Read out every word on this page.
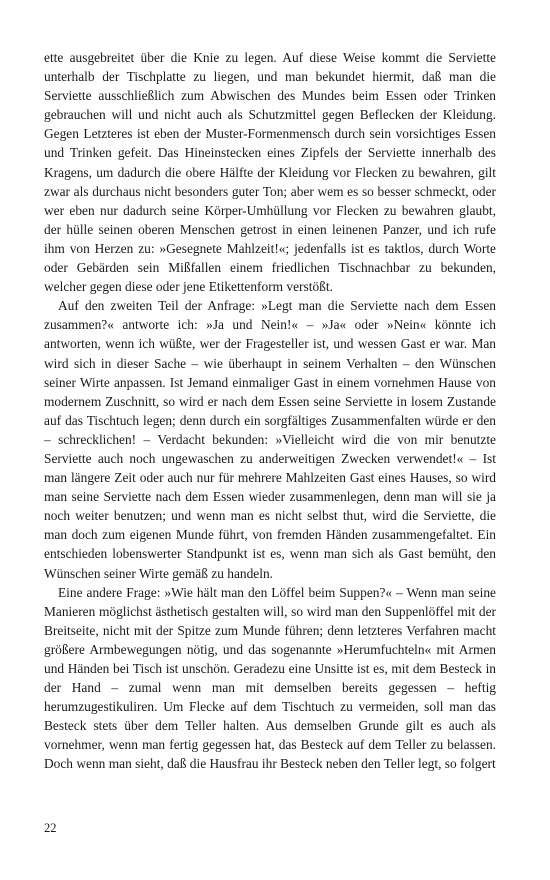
ette ausgebreitet über die Knie zu legen. Auf diese Weise kommt die Serviette unterhalb der Tischplatte zu liegen, und man bekundet hiermit, daß man die Serviette ausschließlich zum Abwischen des Mundes beim Essen oder Trinken gebrauchen will und nicht auch als Schutzmittel gegen Beflecken der Kleidung. Gegen Letzteres ist eben der Muster-Formenmensch durch sein vorsichtiges Essen und Trinken gefeit. Das Hineinstecken eines Zipfels der Serviette innerhalb des Kragens, um dadurch die obere Hälfte der Kleidung vor Flecken zu bewahren, gilt zwar als durchaus nicht besonders guter Ton; aber wem es so besser schmeckt, oder wer eben nur dadurch seine Körper-Umhüllung vor Flecken zu bewahren glaubt, der hülle seinen oberen Menschen getrost in einen leinenen Panzer, und ich rufe ihm von Herzen zu: »Gesegnete Mahlzeit!«; jedenfalls ist es taktlos, durch Worte oder Gebärden sein Mißfallen einem friedlichen Tischnachbar zu bekunden, welcher gegen diese oder jene Etikettenform verstößt.

Auf den zweiten Teil der Anfrage: »Legt man die Serviette nach dem Essen zusammen?« antworte ich: »Ja und Nein!« – »Ja« oder »Nein« könnte ich antworten, wenn ich wüßte, wer der Fragesteller ist, und wessen Gast er war. Man wird sich in dieser Sache – wie überhaupt in seinem Verhalten – den Wünschen seiner Wirte anpassen. Ist Jemand einmaliger Gast in einem vornehmen Hause von modernem Zuschnitt, so wird er nach dem Essen seine Serviette in losem Zustande auf das Tischtuch legen; denn durch ein sorgfältiges Zusammenfalten würde er den – schrecklichen! – Verdacht bekunden: »Vielleicht wird die von mir benutzte Serviette auch noch ungewaschen zu anderweitigen Zwecken verwendet!« – Ist man längere Zeit oder auch nur für mehrere Mahlzeiten Gast eines Hauses, so wird man seine Serviette nach dem Essen wieder zusammenlegen, denn man will sie ja noch weiter benutzen; und wenn man es nicht selbst thut, wird die Serviette, die man doch zum eigenen Munde führt, von fremden Händen zusammengefaltet. Ein entschieden lobenswerter Standpunkt ist es, wenn man sich als Gast bemüht, den Wünschen seiner Wirte gemäß zu handeln.

Eine andere Frage: »Wie hält man den Löffel beim Suppen?« – Wenn man seine Manieren möglichst ästhetisch gestalten will, so wird man den Suppenlöffel mit der Breitseite, nicht mit der Spitze zum Munde führen; denn letzteres Verfahren macht größere Armbewegungen nötig, und das sogenannte »Herumfuchteln« mit Armen und Händen bei Tisch ist unschön. Geradezu eine Unsitte ist es, mit dem Besteck in der Hand – zumal wenn man mit demselben bereits gegessen – heftig herumzugestikuliren. Um Flecke auf dem Tischtuch zu vermeiden, soll man das Besteck stets über dem Teller halten. Aus demselben Grunde gilt es auch als vornehmer, wenn man fertig gegessen hat, das Besteck auf dem Teller zu belassen. Doch wenn man sieht, daß die Hausfrau ihr Besteck neben den Teller legt, so folgert

22
